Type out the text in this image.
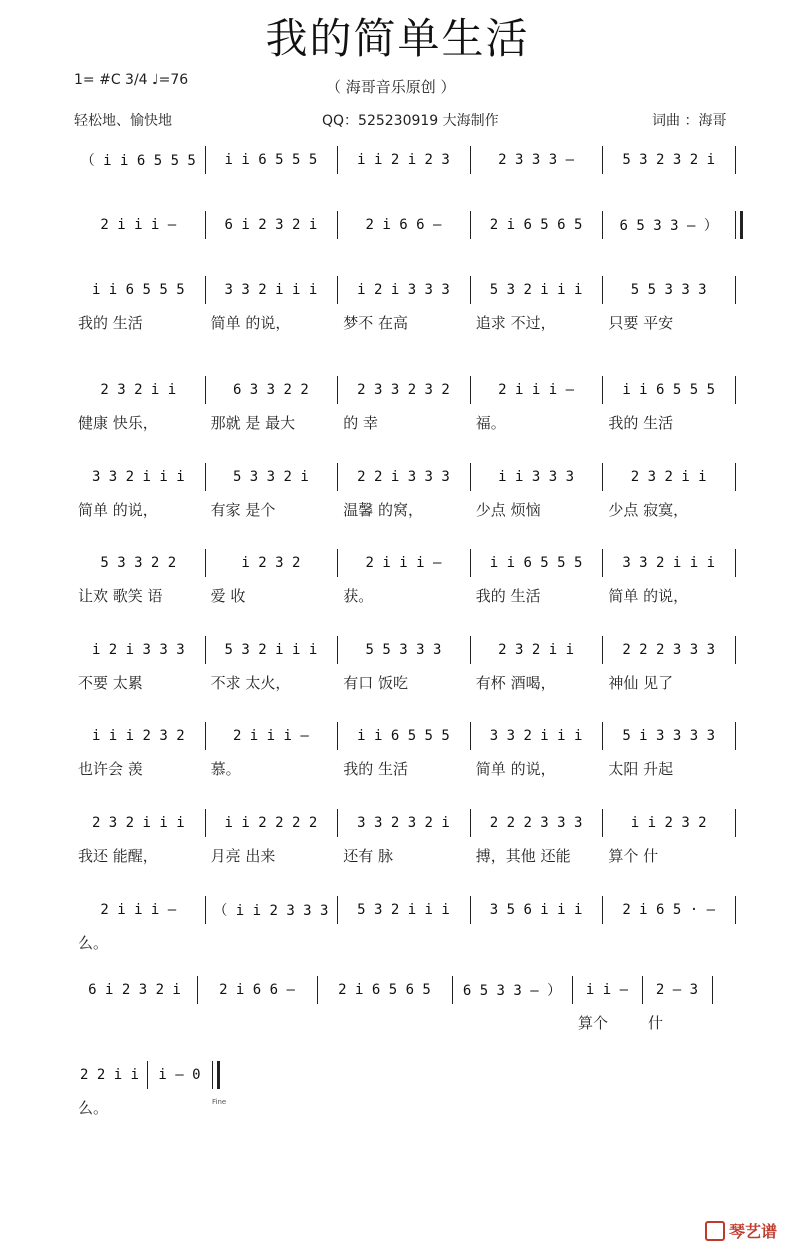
我的简单生活
1= #C 3/4 ♩=76	（ 海哥音乐原创 ）
轻松地、愉快地	QQ：525230919 大海制作	词曲 ：海哥
（ i i 6 5 5 5	i i 6 5 5 5	i i 2 i 2 3	2 3 3 3 —	5 3 2 3 2 i
2 i i i —	6 i 2 3 2 i	2 i 6 6 —	2 i 6 5 6 5	6 5 3 3 — ）
i i 6 5 5 5	3 3 2 i i i	i 2 i 3 3 3	5 3 2 i i i	5 5 3 3 3
我的 生活	简单 的说，	梦不 在高	追求 不过，	只要 平安
2 3 2 i i	6 3 3 2 2	2 3 3 2 3 2	2 i i i —	i i 6 5 5 5
健康 快乐，	那就 是 最大	的 幸	福。	我的 生活
3 3 2 i i i	5 3 3 2 i	2 2 i 3 3 3	i i 3 3 3	2 3 2 i i
简单 的说，	有家 是个	温馨 的窝，	少点 烦恼	少点 寂寞，
5 3 3 2 2	i 2 3 2	2 i i i —	i i 6 5 5 5	3 3 2 i i i
让欢 歌笑 语	爱 收	获。	我的 生活	简单 的说，
i 2 i 3 3 3	5 3 2 i i i	5 5 3 3 3	2 3 2 i i	2 2 2 3 3 3
不要 太累	不求 太火，	有口 饭吃	有杯 酒喝，	神仙 见了
i i i 2 3 2	2 i i i —	i i 6 5 5 5	3 3 2 i i i	5 i 3 3 3 3
也许会 羡	慕。	我的 生活	简单 的说，	太阳 升起
2 3 2 i i i	i i 2 2 2 2	3 3 2 3 2 i	2 2 2 3 3 3	i i 2 3 2
我还 能醒，	月亮 出来	还有 脉	搏，其他 还能	算个 什
2 i i i —	（ i i 2 3 3 3	5 3 2 i i i	3 5 6 i i i	2 i 6 5 · —
么。
6 i 2 3 2 i	2 i 6 6 —	2 i 6 5 6 5	6 5 3 3 — ）	i i —	2 — 3
算个	什
2 2 i i	i — 0
么。	Fine
琴艺谱
